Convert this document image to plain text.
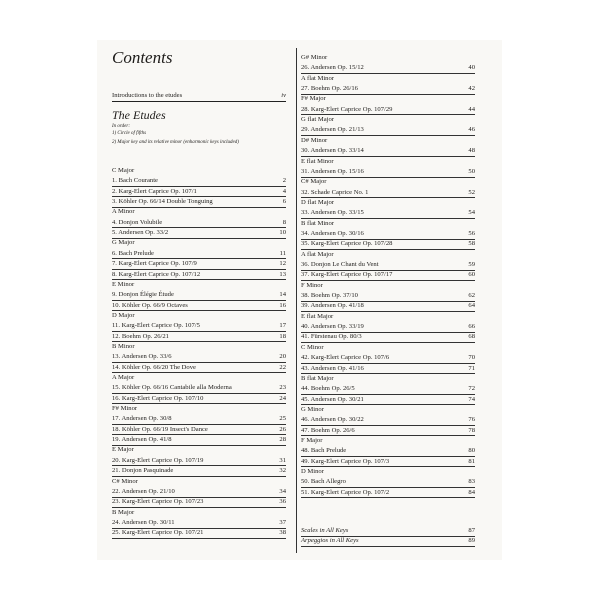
Contents
Introductions to the etudes	iv
The Etudes
In order:
1) Circle of fifths
2) Major key and its relative minor (enharmonic keys included)
C Major
1. Bach Courante	2
2. Karg-Elert Caprice Op. 107/1	4
3. Köhler Op. 66/14 Double Tonguing	6
A Minor
4. Donjon Volubile	8
5. Andersen Op. 33/2	10
G Major
6. Bach Prelude	11
7. Karg-Elert Caprice Op. 107/9	12
8. Karg-Elert Caprice Op. 107/12	13
E Minor
9. Donjon Élégie Étude	14
10. Köhler Op. 66/9 Octaves	16
D Major
11. Karg-Elert Caprice Op. 107/5	17
12. Boehm Op. 26/21	18
B Minor
13. Andersen Op. 33/6	20
14. Köhler Op. 66/20 The Dove	22
A Major
15. Köhler Op. 66/16 Cantabile alla Moderna	23
16. Karg-Elert Caprice Op. 107/10	24
F# Minor
17. Andersen Op. 30/8	25
18. Köhler Op. 66/19 Insect's Dance	26
19. Andersen Op. 41/8	28
E Major
20. Karg-Elert Caprice Op. 107/19	31
21. Donjon Pasquinade	32
C# Minor
22. Andersen Op. 21/10	34
23. Karg-Elert Caprice Op. 107/23	36
B Major
24. Andersen Op. 30/11	37
25. Karg-Elert Caprice Op. 107/21	38
G# Minor
26. Andersen Op. 15/12	40
A flat Minor
27. Boehm Op. 26/16	42
F# Major
28. Karg-Elert Caprice Op. 107/29	44
G flat Major
29. Andersen Op. 21/13	46
D# Minor
30. Andersen Op. 33/14	48
E flat Minor
31. Andersen Op. 15/16	50
C# Major
32. Schade Caprice No. 1	52
D flat Major
33. Andersen Op. 33/15	54
B flat Minor
34. Andersen Op. 30/16	56
35. Karg-Elert Caprice Op. 107/28	58
A flat Major
36. Donjon Le Chant du Vent	59
37. Karg-Elert Caprice Op. 107/17	60
F Minor
38. Boehm Op. 37/10	62
39. Andersen Op. 41/18	64
E flat Major
40. Andersen Op. 33/19	66
41. Fürstenau Op. 80/3	68
C Minor
42. Karg-Elert Caprice Op. 107/6	70
43. Andersen Op. 41/16	71
B flat Major
44. Boehm Op. 26/5	72
45. Andersen Op. 30/21	74
G Minor
46. Andersen Op. 30/22	76
47. Boehm Op. 26/6	78
F Major
48. Bach Prelude	80
49. Karg-Elert Caprice Op. 107/3	81
D Minor
50. Bach Allegro	83
51. Karg-Elert Caprice Op. 107/2	84
Scales in All Keys	87
Arpeggios in All Keys	89
